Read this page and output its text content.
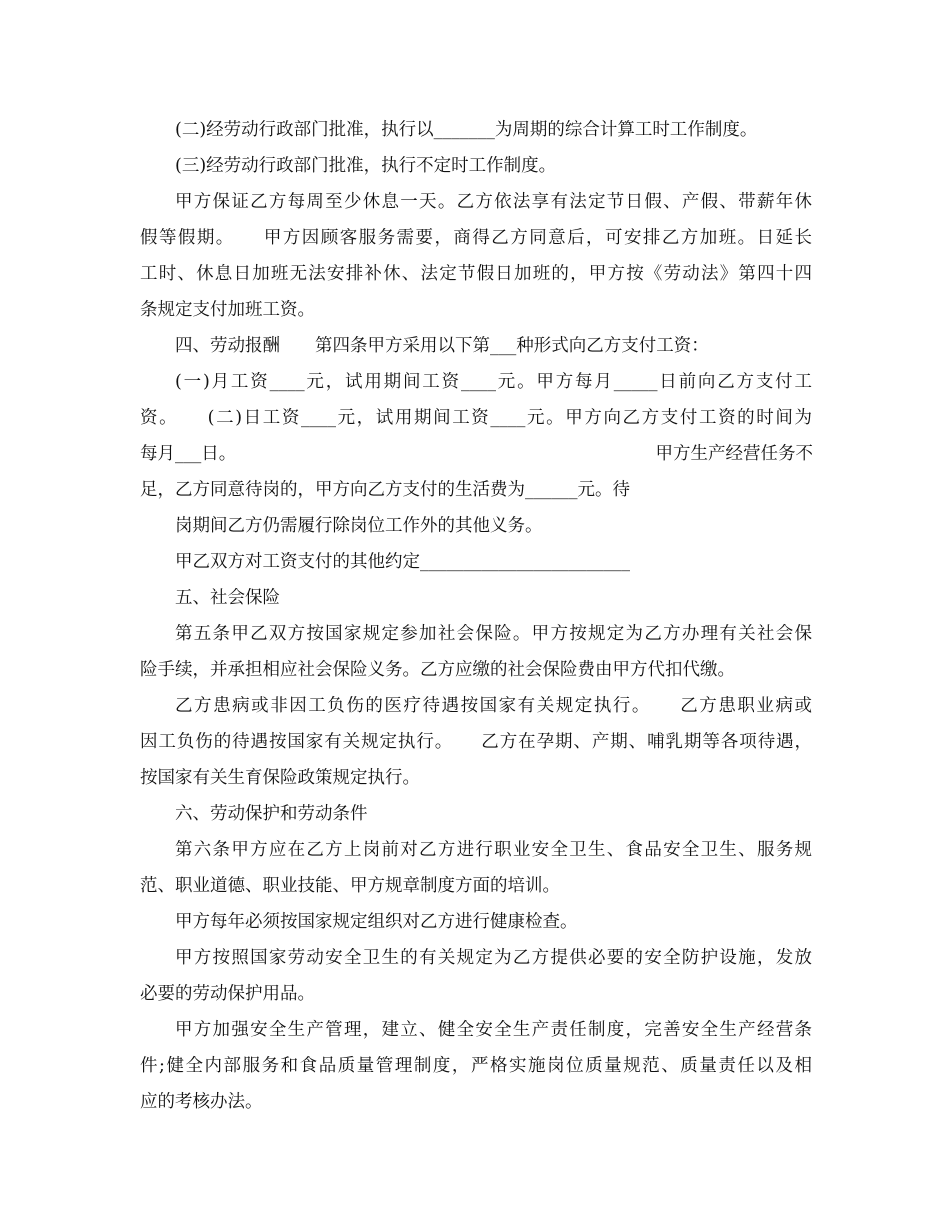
(二)经劳动行政部门批准，执行以_______为周期的综合计算工时工作制度。
(三)经劳动行政部门批准，执行不定时工作制度。
甲方保证乙方每周至少休息一天。乙方依法享有法定节日假、产假、带薪年休
假等假期。　　甲方因顾客服务需要，商得乙方同意后，可安排乙方加班。日延长
工时、休息日加班无法安排补休、法定节假日加班的，甲方按《劳动法》第四十四
条规定支付加班工资。
四、劳动报酬　　第四条甲方采用以下第___种形式向乙方支付工资：
(一)月工资____元，试用期间工资____元。甲方每月_____日前向乙方支付工
资。　　(二)日工资____元，试用期间工资____元。甲方向乙方支付工资的时间为
每月___日。	甲方生产经营任务不
足，乙方同意待岗的，甲方向乙方支付的生活费为______元。待
岗期间乙方仍需履行除岗位工作外的其他义务。
甲乙双方对工资支付的其他约定________________________
五、社会保险
第五条甲乙双方按国家规定参加社会保险。甲方按规定为乙方办理有关社会保
险手续，并承担相应社会保险义务。乙方应缴的社会保险费由甲方代扣代缴。
乙方患病或非因工负伤的医疗待遇按国家有关规定执行。　　乙方患职业病或
因工负伤的待遇按国家有关规定执行。　　乙方在孕期、产期、哺乳期等各项待遇，
按国家有关生育保险政策规定执行。
六、劳动保护和劳动条件
第六条甲方应在乙方上岗前对乙方进行职业安全卫生、食品安全卫生、服务规
范、职业道德、职业技能、甲方规章制度方面的培训。
甲方每年必须按国家规定组织对乙方进行健康检查。
甲方按照国家劳动安全卫生的有关规定为乙方提供必要的安全防护设施，发放
必要的劳动保护用品。
甲方加强安全生产管理，建立、健全安全生产责任制度，完善安全生产经营条
件;健全内部服务和食品质量管理制度，严格实施岗位质量规范、质量责任以及相
应的考核办法。
